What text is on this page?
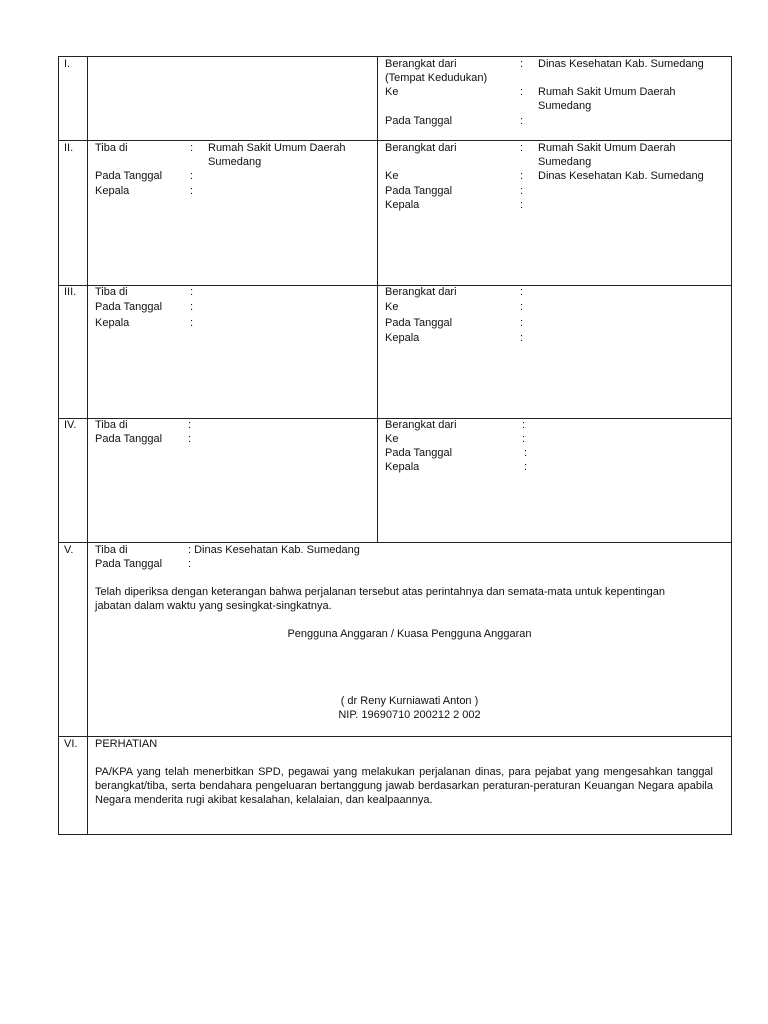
I.	Berangkat dari	: Dinas Kesehatan Kab. Sumedang
(Tempat Kedudukan)
Ke	: Rumah Sakit Umum Daerah
Sumedang
Pada Tanggal	:
II. Tiba di	: Rumah Sakit Umum Daerah
Sumedang
Pada Tanggal	:
Kepala	:
Berangkat dari	: Rumah Sakit Umum Daerah
Sumedang
Ke	: Dinas Kesehatan Kab. Sumedang
Pada Tanggal	:
Kepala	:
III. Tiba di	:
Pada Tanggal	:
Kepala	:
Berangkat dari	:
Ke	:
Pada Tanggal	:
Kepala	:
IV. Tiba di	:
Pada Tanggal :
Berangkat dari	:
Ke	:
Pada Tanggal	:
Kepala	:
V. Tiba di	: Dinas Kesehatan Kab. Sumedang
Pada Tanggal :
Telah diperiksa dengan keterangan bahwa perjalanan tersebut atas perintahnya dan semata-mata untuk kepentingan jabatan dalam waktu yang sesingkat-singkatnya.
Pengguna Anggaran / Kuasa Pengguna Anggaran
( dr Reny Kurniawati Anton )
NIP. 19690710 200212 2 002
VI. PERHATIAN
PA/KPA yang telah menerbitkan SPD, pegawai yang melakukan perjalanan dinas, para pejabat yang mengesahkan tanggal berangkat/tiba, serta bendahara pengeluaran bertanggung jawab berdasarkan peraturan-peraturan Keuangan Negara apabila Negara menderita rugi akibat kesalahan, kelalaian, dan kealpaannya.
